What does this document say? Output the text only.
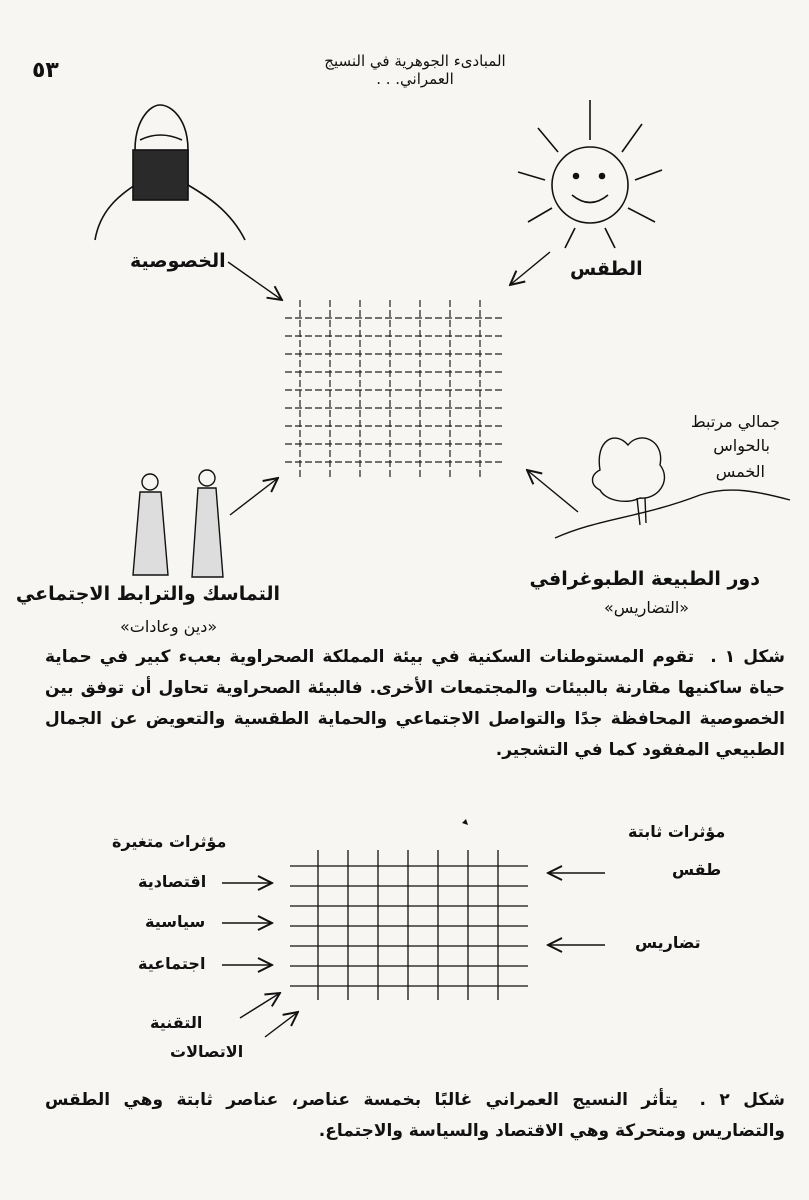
٥٣	المبادىء الجوهرية في النسيج العمراني. . .
الخصوصية	الطقس
جمالي مرتبط
بالحواس
الخمس
دور الطبيعة الطبوغرافي
«التضاريس»
التماسك والترابط الاجتماعي
«دين وعادات»
شكل ١ . تقوم المستوطنات السكنية في بيئة المملكة الصحراوية بعبء كبير في حماية حياة ساكنيها مقارنة بالبيئات والمجتمعات الأخرى. فالبيئة الصحراوية تحاول أن توفق بين الخصوصية المحافظة جدًا والتواصل الاجتماعي والحماية الطقسية والتعويض عن الجمال الطبيعي المفقود كما في التشجير.
مؤثرات متغيرة
اقتصادية
سياسية
اجتماعية
التقنية
الاتصالات
مؤثرات ثابتة
طقس
تضاريس
شكل ٢ . يتأثر النسيج العمراني غالبًا بخمسة عناصر، عناصر ثابتة وهي الطقس والتضاريس ومتحركة وهي الاقتصاد والسياسة والاجتماع.
